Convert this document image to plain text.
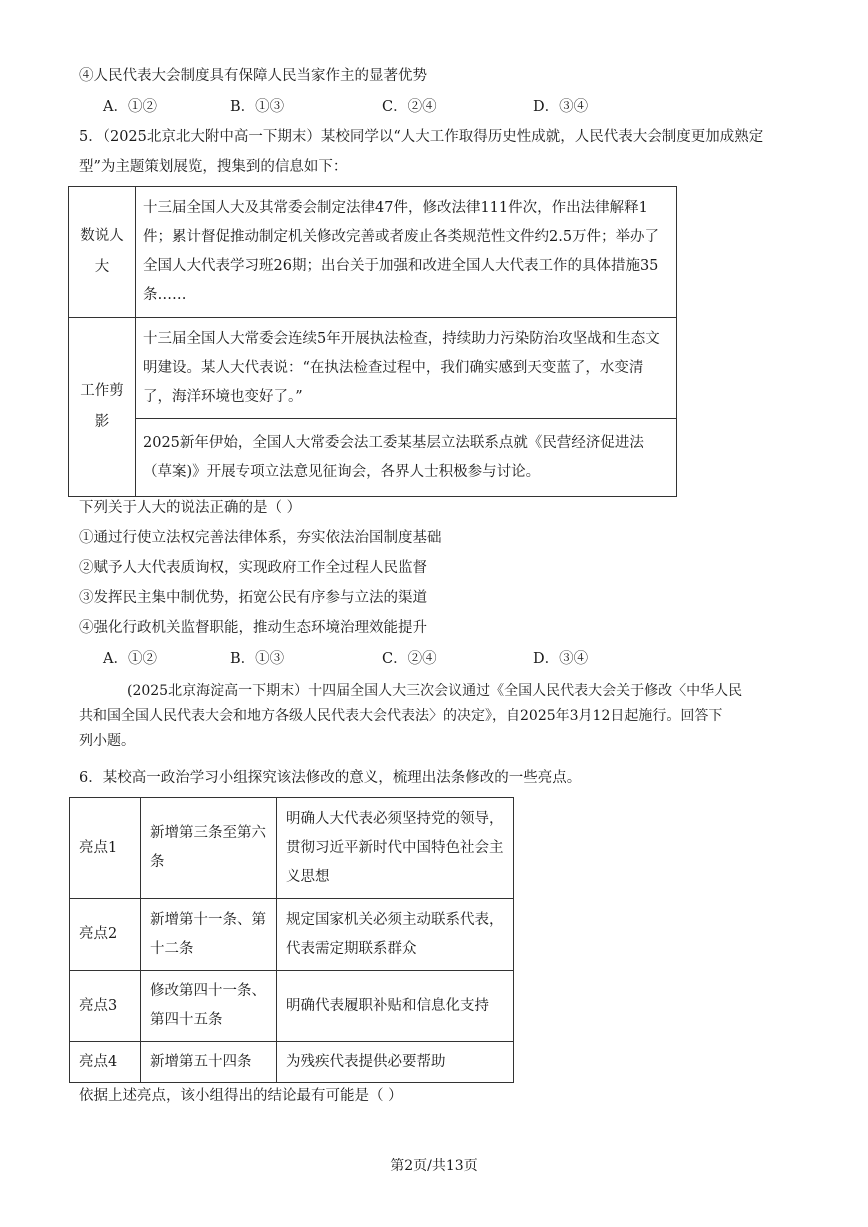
④人民代表大会制度具有保障人民当家作主的显著优势
A．①②	B．①③	C．②④	D．③④
5．（2025北京北大附中高一下期末）某校同学以“人大工作取得历史性成就，人民代表大会制度更加成熟定
型”为主题策划展览，搜集到的信息如下：
数说人大	十三届全国人大及其常委会制定法律47件，修改法律111件次，作出法律解释1件；累计督促推动制定机关修改完善或者废止各类规范性文件约2.5万件；举办了全国人大代表学习班26期；出台关于加强和改进全国人大代表工作的具体措施35条……

工作剪影	十三届全国人大常委会连续5年开展执法检查，持续助力污染防治攻坚战和生态文明建设。某人大代表说：“在执法检查过程中，我们确实感到天变蓝了，水变清了，海洋环境也变好了。”
	2025新年伊始，全国人大常委会法工委某基层立法联系点就《民营经济促进法（草案)》开展专项立法意见征询会，各界人士积极参与讨论。
下列关于人大的说法正确的是（ ）
①通过行使立法权完善法律体系，夯实依法治国制度基础
②赋予人大代表质询权，实现政府工作全过程人民监督
③发挥民主集中制优势，拓宽公民有序参与立法的渠道
④强化行政机关监督职能，推动生态环境治理效能提升
A．①②	B．①③	C．②④	D．③④
(2025北京海淀高一下期末）十四届全国人大三次会议通过《全国人民代表大会关于修改〈中华人民
共和国全国人民代表大会和地方各级人民代表大会代表法〉的决定》，自2025年3月12日起施行。回答下
列小题。
6．某校高一政治学习小组探究该法修改的意义，梳理出法条修改的一些亮点。
亮点1	新增第三条至第六条	明确人大代表必须坚持党的领导，贯彻习近平新时代中国特色社会主义思想
亮点2	新增第十一条、第十二条	规定国家机关必须主动联系代表，代表需定期联系群众
亮点3	修改第四十一条、第四十五条	明确代表履职补贴和信息化支持
亮点4	新增第五十四条	为残疾代表提供必要帮助
依据上述亮点，该小组得出的结论最有可能是（ ）
第2页/共13页
